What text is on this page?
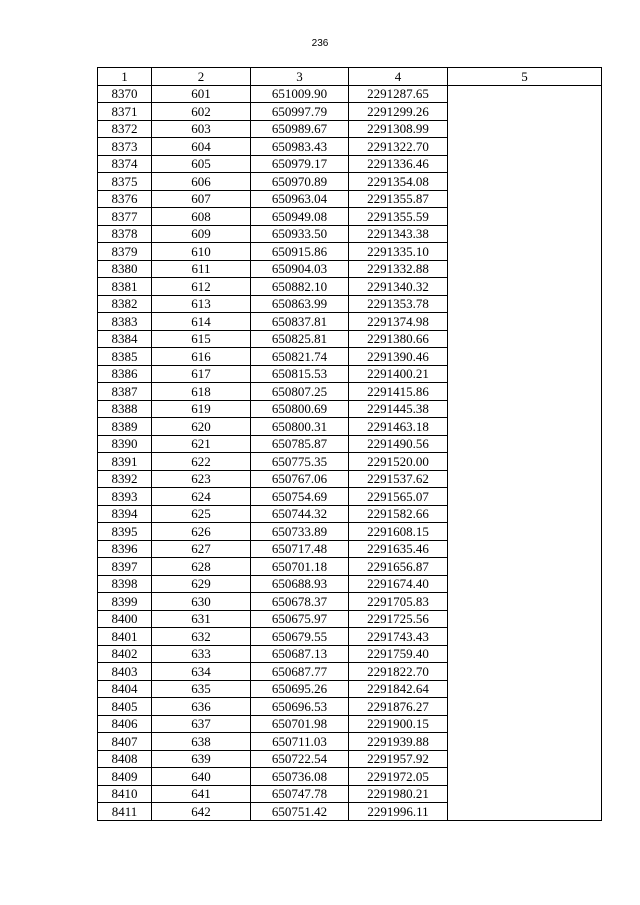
236
1	2	3	4	5
8370	601	651009.90	2291287.65	
8371	602	650997.79	2291299.26	
8372	603	650989.67	2291308.99	
8373	604	650983.43	2291322.70	
8374	605	650979.17	2291336.46	
8375	606	650970.89	2291354.08	
8376	607	650963.04	2291355.87	
8377	608	650949.08	2291355.59	
8378	609	650933.50	2291343.38	
8379	610	650915.86	2291335.10	
8380	611	650904.03	2291332.88	
8381	612	650882.10	2291340.32	
8382	613	650863.99	2291353.78	
8383	614	650837.81	2291374.98	
8384	615	650825.81	2291380.66	
8385	616	650821.74	2291390.46	
8386	617	650815.53	2291400.21	
8387	618	650807.25	2291415.86	
8388	619	650800.69	2291445.38	
8389	620	650800.31	2291463.18	
8390	621	650785.87	2291490.56	
8391	622	650775.35	2291520.00	
8392	623	650767.06	2291537.62	
8393	624	650754.69	2291565.07	
8394	625	650744.32	2291582.66	
8395	626	650733.89	2291608.15	
8396	627	650717.48	2291635.46	
8397	628	650701.18	2291656.87	
8398	629	650688.93	2291674.40	
8399	630	650678.37	2291705.83	
8400	631	650675.97	2291725.56	
8401	632	650679.55	2291743.43	
8402	633	650687.13	2291759.40	
8403	634	650687.77	2291822.70	
8404	635	650695.26	2291842.64	
8405	636	650696.53	2291876.27	
8406	637	650701.98	2291900.15	
8407	638	650711.03	2291939.88	
8408	639	650722.54	2291957.92	
8409	640	650736.08	2291972.05	
8410	641	650747.78	2291980.21	
8411	642	650751.42	2291996.11	
